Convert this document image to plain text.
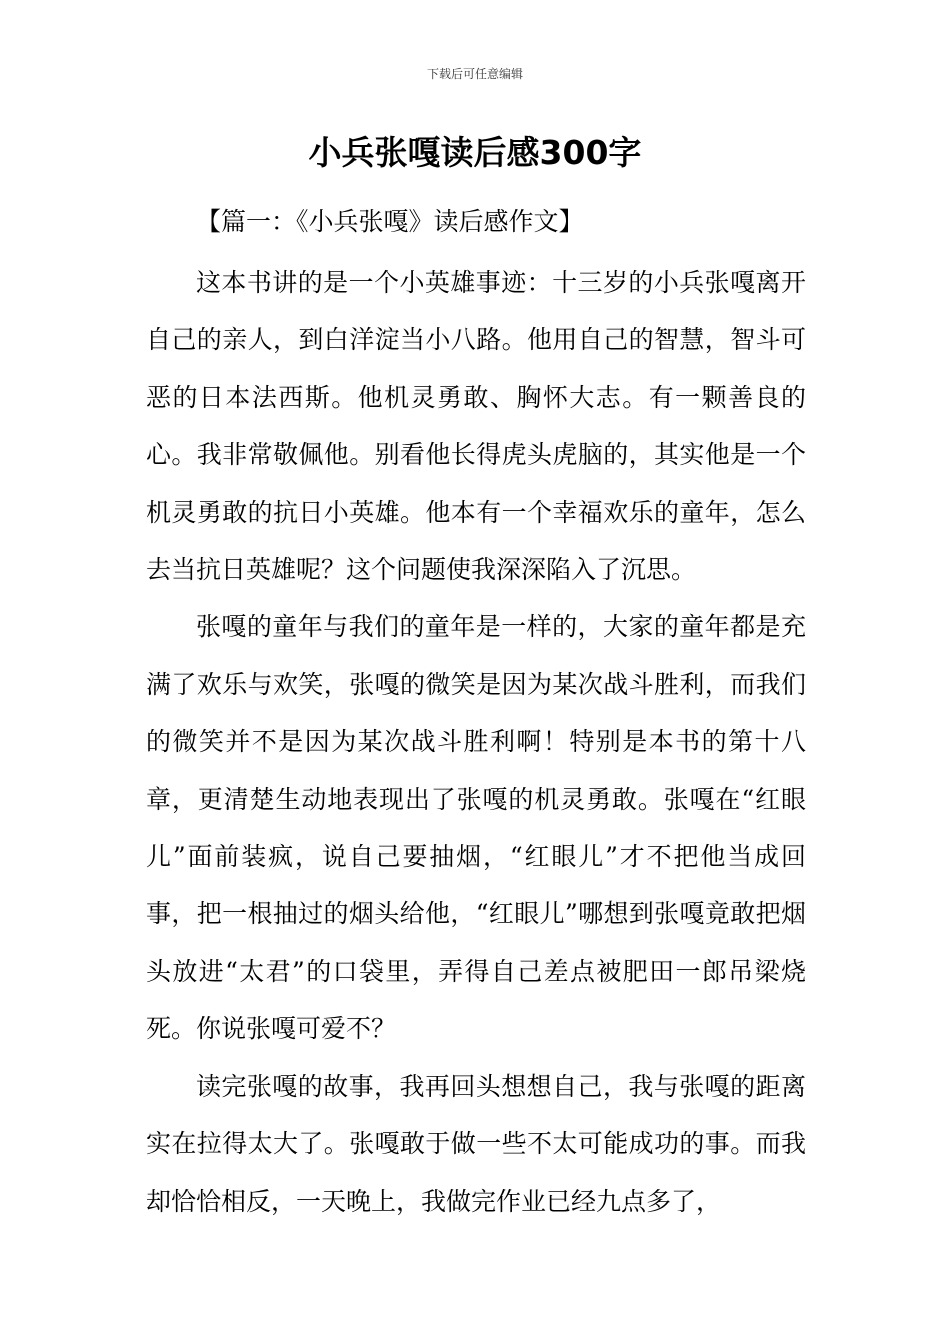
下载后可任意编辑
小兵张嘎读后感300字
【篇一：《小兵张嘎》读后感作文】

这本书讲的是一个小英雄事迹：十三岁的小兵张嘎离开自己的亲人，到白洋淀当小八路。他用自己的智慧，智斗可恶的日本法西斯。他机灵勇敢、胸怀大志。有一颗善良的心。我非常敬佩他。别看他长得虎头虎脑的，其实他是一个机灵勇敢的抗日小英雄。他本有一个幸福欢乐的童年，怎么去当抗日英雄呢？这个问题使我深深陷入了沉思。

张嘎的童年与我们的童年是一样的，大家的童年都是充满了欢乐与欢笑，张嘎的微笑是因为某次战斗胜利，而我们的微笑并不是因为某次战斗胜利啊！特别是本书的第十八章，更清楚生动地表现出了张嘎的机灵勇敢。张嘎在“红眼儿”面前装疯，说自己要抽烟，“红眼儿”才不把他当成回事，把一根抽过的烟头给他，“红眼儿”哪想到张嘎竟敢把烟头放进“太君”的口袋里，弄得自己差点被肥田一郎吊梁烧死。你说张嘎可爱不？

读完张嘎的故事，我再回头想想自己，我与张嘎的距离实在拉得太大了。张嘎敢于做一些不太可能成功的事。而我却恰恰相反，一天晚上，我做完作业已经九点多了，
